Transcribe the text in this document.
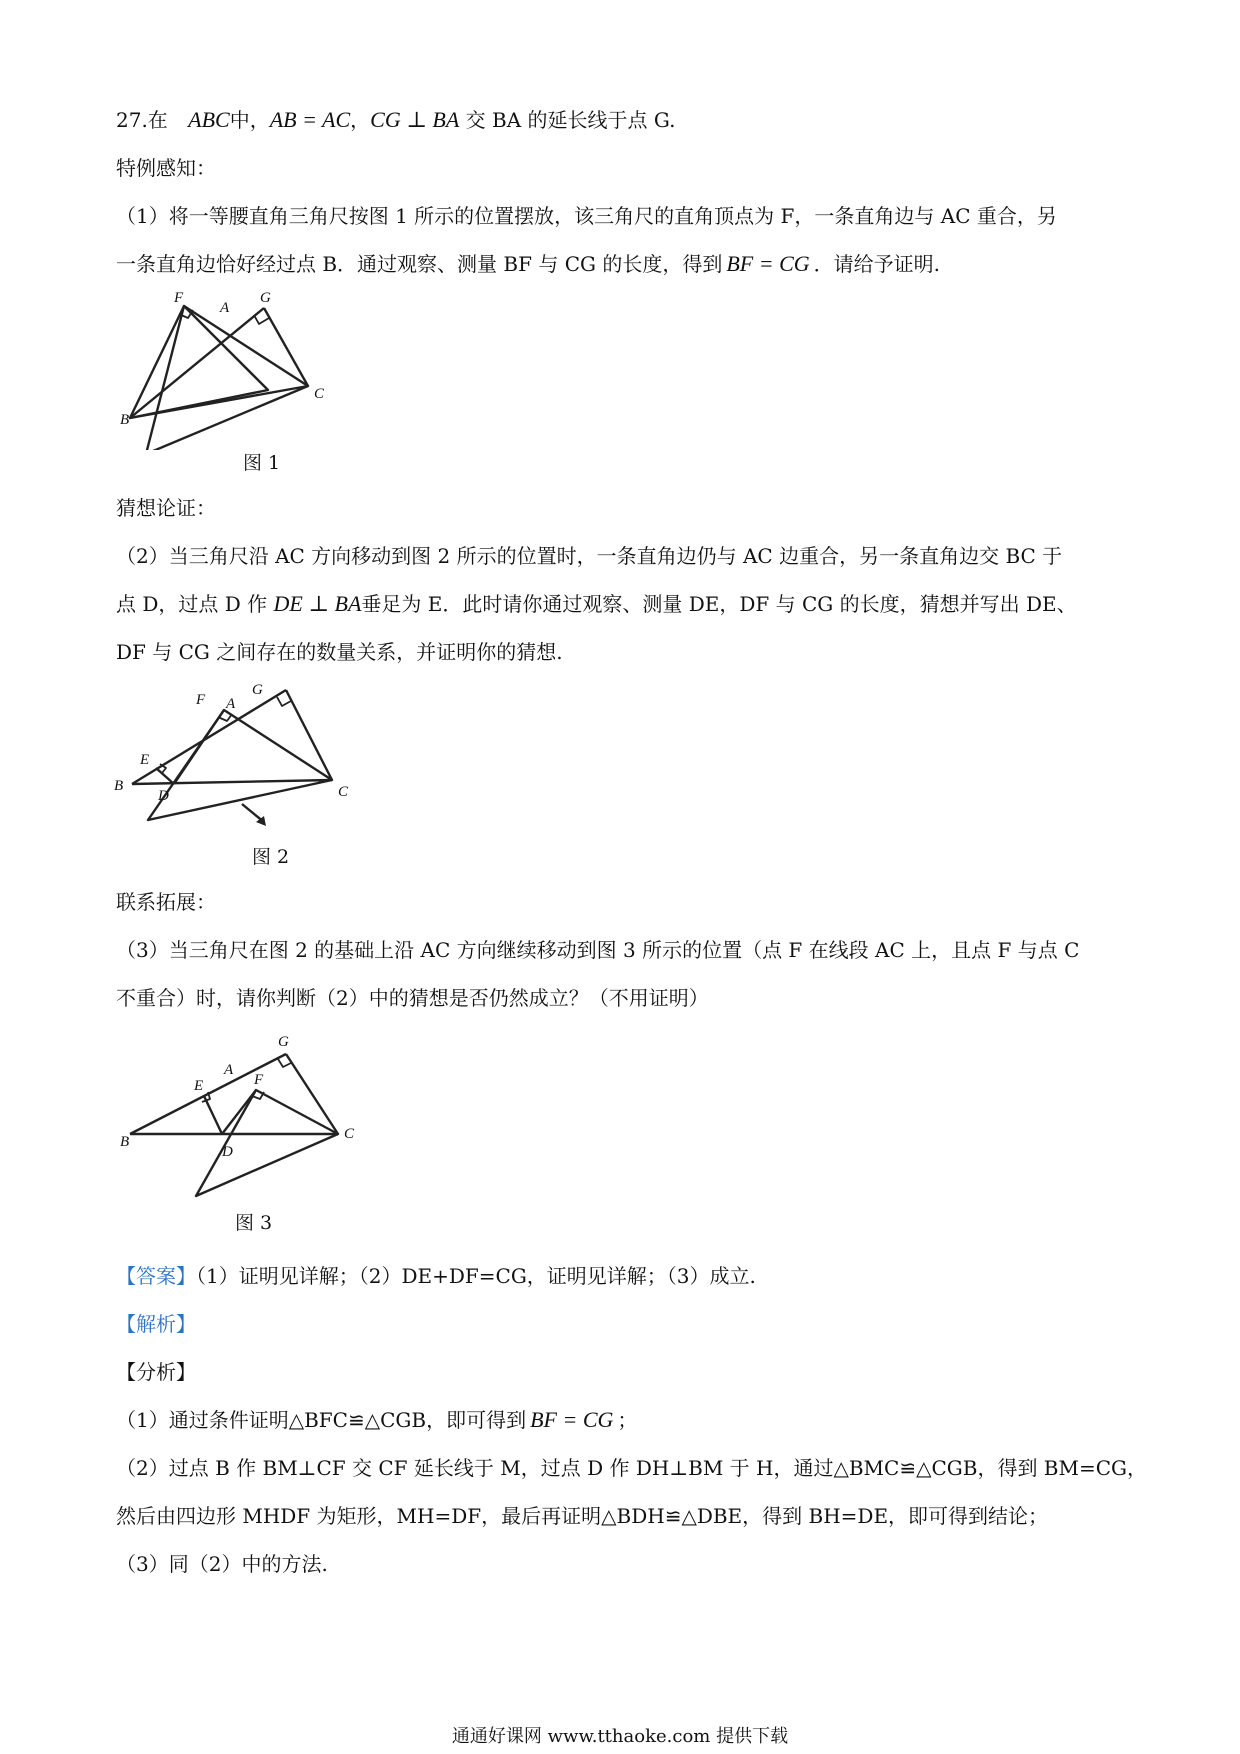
27.在 ABC中，AB = AC，CG ⊥ BA 交 BA 的延长线于点 G.
特例感知：
（1）将一等腰直角三角尺按图 1 所示的位置摆放，该三角尺的直角顶点为 F，一条直角边与 AC 重合，另
一条直角边恰好经过点 B．通过观察、测量 BF 与 CG 的长度，得到 BF = CG ．请给予证明.
F
A
G
B
C
图 1
猜想论证：
（2）当三角尺沿 AC 方向移动到图 2 所示的位置时，一条直角边仍与 AC 边重合，另一条直角边交 BC 于
点 D，过点 D 作 DE ⊥ BA垂足为 E．此时请你通过观察、测量 DE，DF 与 CG 的长度，猜想并写出 DE、
DF 与 CG 之间存在的数量关系，并证明你的猜想.
F A
G
E
B
D	C
图 2
联系拓展：
（3）当三角尺在图 2 的基础上沿 AC 方向继续移动到图 3 所示的位置（点 F 在线段 AC 上，且点 F 与点 C
不重合）时，请你判断（2）中的猜想是否仍然成立？（不用证明）
G
A
E	F
B
D
C
图 3
【答案】（1）证明见详解；（2）DE+DF=CG，证明见详解；（3）成立.
【解析】
【分析】
（1）通过条件证明△BFC≌△CGB，即可得到 BF = CG ；
（2）过点 B 作 BM⊥CF 交 CF 延长线于 M，过点 D 作 DH⊥BM 于 H，通过△BMC≌△CGB，得到 BM=CG，
然后由四边形 MHDF 为矩形，MH=DF，最后再证明△BDH≌△DBE，得到 BH=DE，即可得到结论；
（3）同（2）中的方法.
通通好课网 www.tthaoke.com 提供下载
